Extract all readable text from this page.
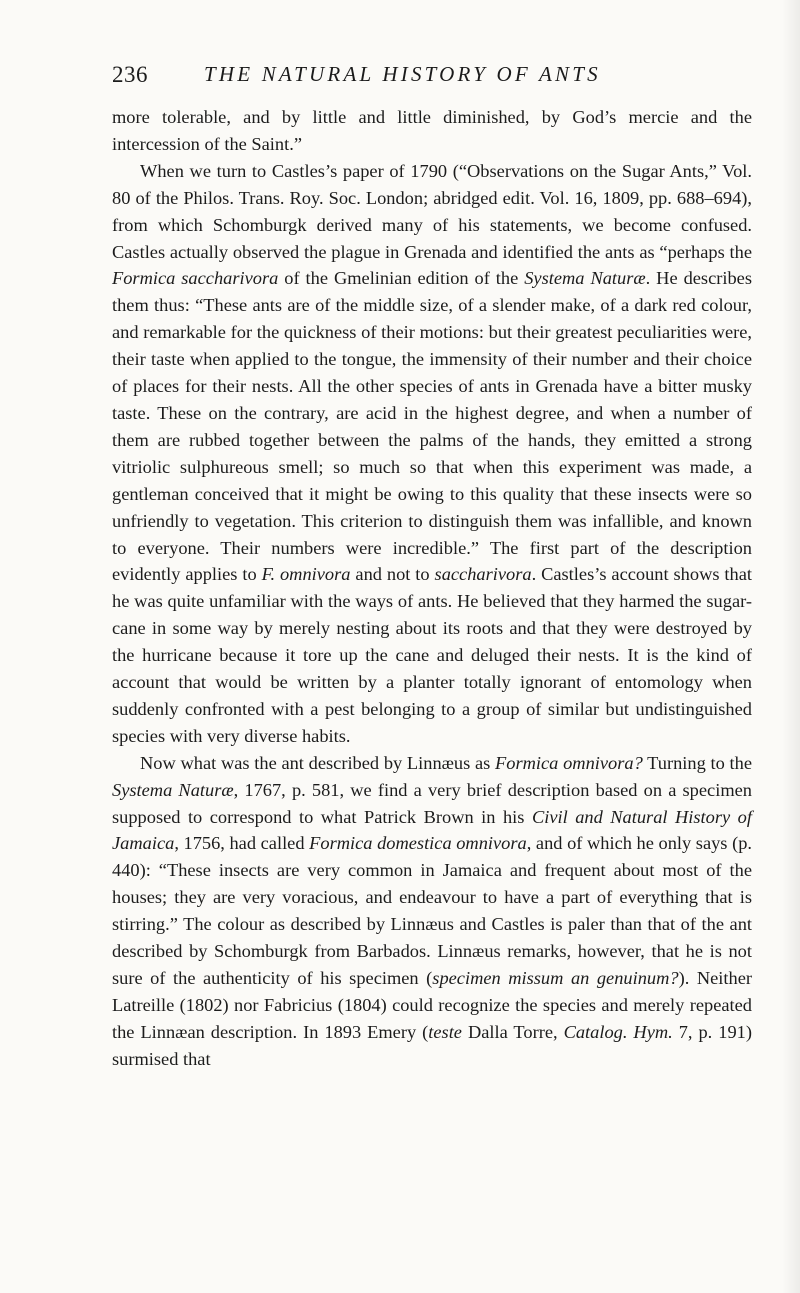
236	THE NATURAL HISTORY OF ANTS

more tolerable, and by little and little diminished, by God’s mercie and the intercession of the Saint.”

When we turn to Castles’s paper of 1790 (“Observations on the Sugar Ants,” Vol. 80 of the Philos. Trans. Roy. Soc. London; abridged edit. Vol. 16, 1809, pp. 688–694), from which Schomburgk derived many of his statements, we become confused. Castles actually observed the plague in Grenada and identified the ants as “perhaps the Formica saccharivora of the Gmelinian edition of the Systema Naturæ. He describes them thus: “These ants are of the middle size, of a slender make, of a dark red colour, and remarkable for the quickness of their motions: but their greatest peculiarities were, their taste when applied to the tongue, the immensity of their number and their choice of places for their nests. All the other species of ants in Grenada have a bitter musky taste. These on the contrary, are acid in the highest degree, and when a number of them are rubbed together between the palms of the hands, they emitted a strong vitriolic sulphureous smell; so much so that when this experiment was made, a gentleman conceived that it might be owing to this quality that these insects were so unfriendly to vegetation. This criterion to distinguish them was infallible, and known to everyone. Their numbers were incredible.” The first part of the description evidently applies to F. omnivora and not to saccharivora. Castles’s account shows that he was quite unfamiliar with the ways of ants. He believed that they harmed the sugar-cane in some way by merely nesting about its roots and that they were destroyed by the hurricane because it tore up the cane and deluged their nests. It is the kind of account that would be written by a planter totally ignorant of entomology when suddenly confronted with a pest belonging to a group of similar but undistinguished species with very diverse habits.

Now what was the ant described by Linnæus as Formica omnivora? Turning to the Systema Naturæ, 1767, p. 581, we find a very brief description based on a specimen supposed to correspond to what Patrick Brown in his Civil and Natural History of Jamaica, 1756, had called Formica domestica omnivora, and of which he only says (p. 440): “These insects are very common in Jamaica and frequent about most of the houses; they are very voracious, and endeavour to have a part of everything that is stirring.” The colour as described by Linnæus and Castles is paler than that of the ant described by Schomburgk from Barbados. Linnæus remarks, however, that he is not sure of the authenticity of his specimen (specimen missum an genuinum?). Neither Latreille (1802) nor Fabricius (1804) could recognize the species and merely repeated the Linnæan description. In 1893 Emery (teste Dalla Torre, Catalog. Hym. 7, p. 191) surmised that
